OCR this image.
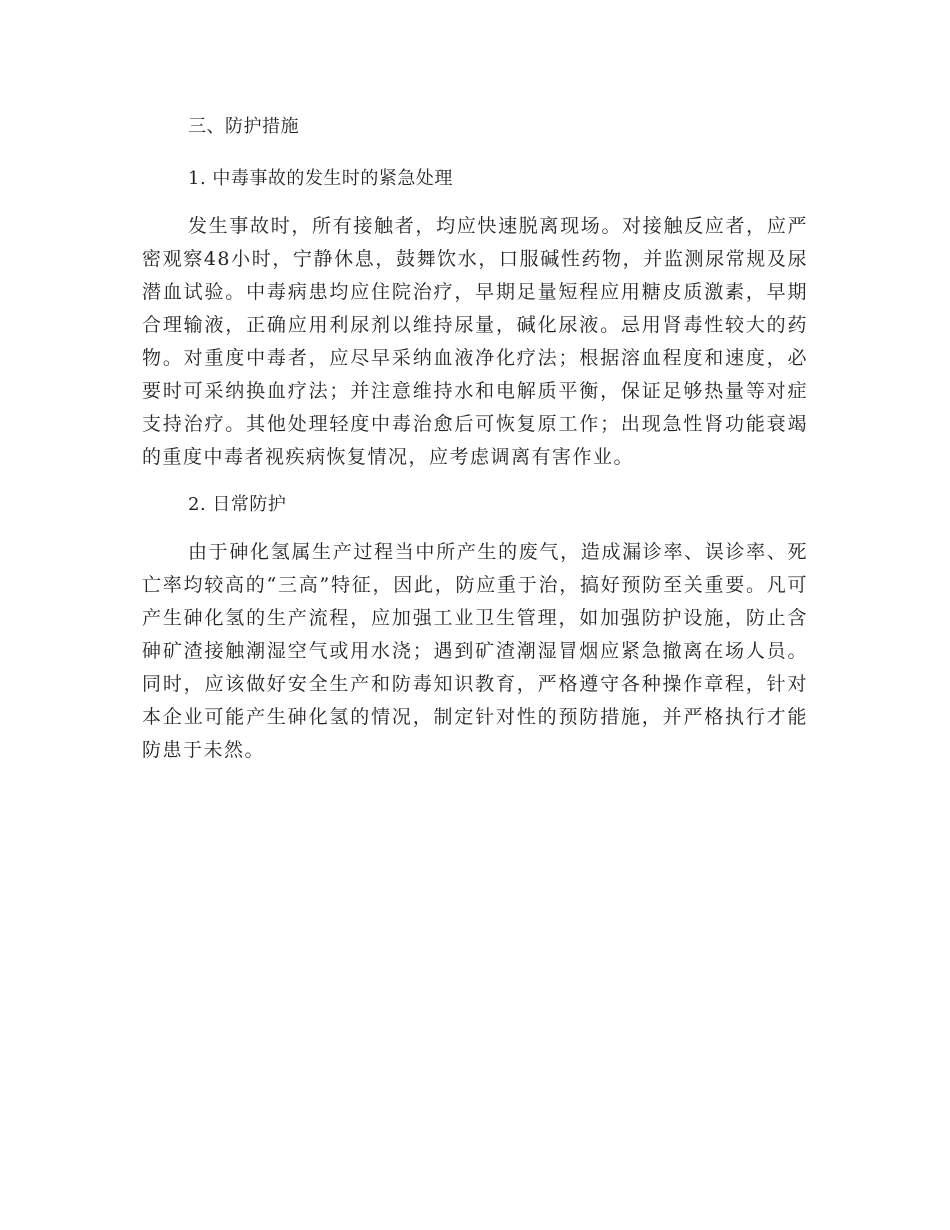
三、防护措施
1. 中毒事故的发生时的紧急处理

发生事故时，所有接触者，均应快速脱离现场。对接触反应者，应严密观察48小时，宁静休息，鼓舞饮水，口服碱性药物，并监测尿常规及尿潜血试验。中毒病患均应住院治疗，早期足量短程应用糖皮质激素，早期合理输液，正确应用利尿剂以维持尿量，碱化尿液。忌用肾毒性较大的药物。对重度中毒者，应尽早采纳血液净化疗法；根据溶血程度和速度，必要时可采纳换血疗法；并注意维持水和电解质平衡，保证足够热量等对症支持治疗。其他处理轻度中毒治愈后可恢复原工作；出现急性肾功能衰竭的重度中毒者视疾病恢复情况，应考虑调离有害作业。

2. 日常防护

由于砷化氢属生产过程当中所产生的废气，造成漏诊率、误诊率、死亡率均较高的“三高”特征，因此，防应重于治，搞好预防至关重要。凡可产生砷化氢的生产流程，应加强工业卫生管理，如加强防护设施，防止含砷矿渣接触潮湿空气或用水浇；遇到矿渣潮湿冒烟应紧急撤离在场人员。同时，应该做好安全生产和防毒知识教育，严格遵守各种操作章程，针对本企业可能产生砷化氢的情况，制定针对性的预防措施，并严格执行才能防患于未然。
